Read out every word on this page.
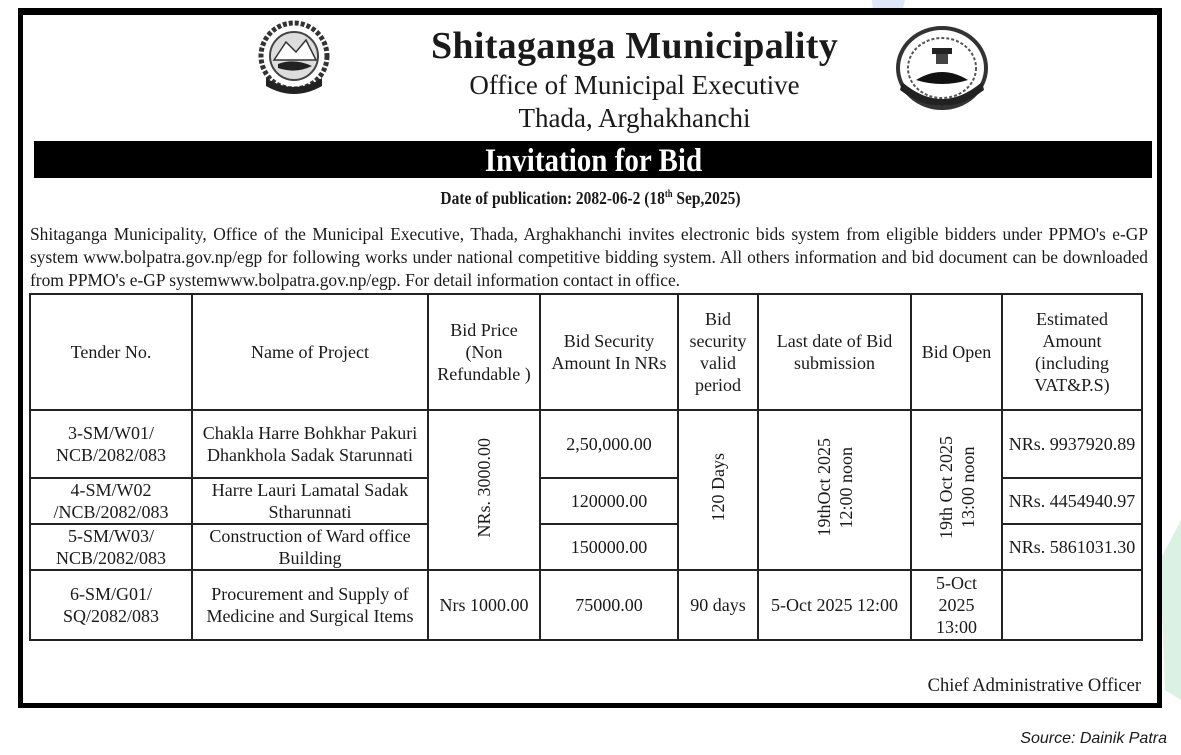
Shitaganga Municipality
Office of Municipal Executive
Thada, Arghakhanchi
Invitation for Bid
Date of publication: 2082-06-2 (18th Sep,2025)
Shitaganga Municipality, Office of the Municipal Executive, Thada, Arghakhanchi invites electronic bids system from eligible bidders under PPMO's e-GP system www.bolpatra.gov.np/egp for following works under national competitive bidding system. All others information and bid document can be downloaded from PPMO's e-GP systemwww.bolpatra.gov.np/egp. For detail information contact in office.
Tender No.	Name of Project	Bid Price (Non Refundable )	Bid Security Amount In NRs	Bid security valid period	Last date of Bid submission	Bid Open	Estimated Amount (including VAT&P.S)
3-SM/W01/ NCB/2082/083	Chakla Harre Bohkhar Pakuri Dhankhola Sadak Starunnati	NRs. 3000.00	2,50,000.00	120 Days	19thOct 2025 12:00 noon	19th Oct 2025 13:00 noon	NRs. 9937920.89
4-SM/W02 /NCB/2082/083	Harre Lauri Lamatal Sadak Stharunnati		120000.00				NRs. 4454940.97
5-SM/W03/ NCB/2082/083	Construction of Ward office Building		150000.00				NRs. 5861031.30
6-SM/G01/ SQ/2082/083	Procurement and Supply of Medicine and Surgical Items	Nrs 1000.00	75000.00	90 days	5-Oct 2025 12:00	5-Oct 2025 13:00	
Chief Administrative Officer
Source: Dainik Patra
